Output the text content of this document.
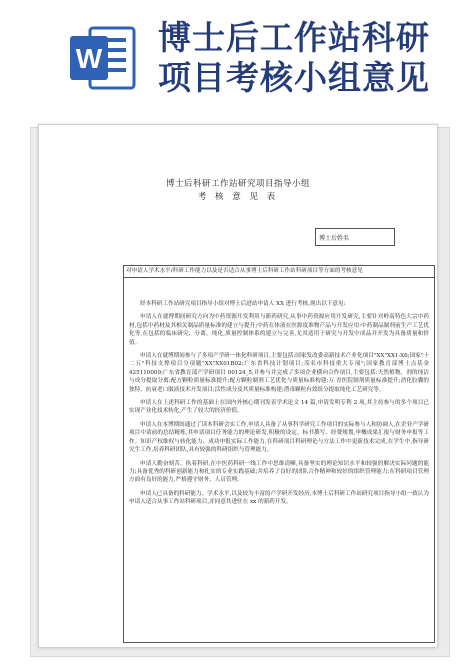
W
博士后工作站科研
项目考核小组意见
博士后科研工作站研究项目指导小组
考 核 意 见 表
博士后姓名
对申请人学术水平/科研工作能力以及是否适合从事博士后科研工作站科研项目等方面的考核意见

经本科研工作站研究项目指导小组对博士后进站申请人 XX 进行考核,现出以下意见:

申请人在就博期间研究方向为中药资源开发利用与新药研究,从事中药资源应用开发研究,主要针对岭南特色大宗中药材,包括中药材及其相关制品质量标准的建立与提升;中药在体液在医源度准物产品与开发应用:中药制品制剂前生产工艺优化等,在包括的临床研究、分离、纯化,质量控制体系的建立与完善,尤其适用于研究与开发中成品并开发为具备质量和价值。

申请人在就博期间参与了多项产学研一体化科研项目,主要包括:国家发改委高新技术产业化项目"XX"XX1-X6;国家"十二五"科技支撑项目分项题"XX"XX01B02;广东省科技计划项目;茂名市科技重大专项";国家教育部博士点基金 425110009;广东省教育部产学研项目 00124_5,并参与并完成了多项企业横向合作项目,主要包括:天然植物、剂的纯洁与成分提取分离;配方颗粒质量标准提升;配方颗粒制剂工艺优化与质量标准构建;万 青医院制剂质量标准提升;消化胶囊的独特、抗衰老口服液技术开发项目;活性成分及其质量标准构建;潜毒颗粒有效组分提取纯化工艺研究等。

申请人在上述科研工作的基础上在国内外核心期刊发表学术论文 14 篇,申请发明专利 2 项,其主持参与的多个项目已实现产业化技术转化,产生了较大的经济价值。

申请人在本博期间通过了读本科研会实工作,申请人具备了从事科学研究工作项目的实际参与人和协调人,在企业产学研项目中请前的总结精炼,其申请项目任务能力的理论研发,积极的设定、标书撰写、经费规划,申概成果汇报与财务申报等工作。知识产权维权与转化能力、成功申报实际工作能力,在科研项目科研理论与方法工作中更新技术完成,在学生中,指导研究生工作,培养科研团队,具有较强的科研组织与管理能力。

申请人勤奋刻苦、执着科研,在中医药科研一线工作中思维清晰,具备坚实的理论知识水平和较强的解决实际问题的能力;具备优秀的科研创新能力和扎实的专业实践基础;并培养了良好的团队合作精神和较好的组织管理能力;在科研项目管理方面有良好的能力,严格遵守财务、人员管理。

申请人已具备的科研能力、学术水平,以及较为丰富的产学研开发经历,本博士后科研工作站研究项目指导小组一致认为申请人适合从事工作站科研项目,并同意其进驻在 xx 的新药开发。
